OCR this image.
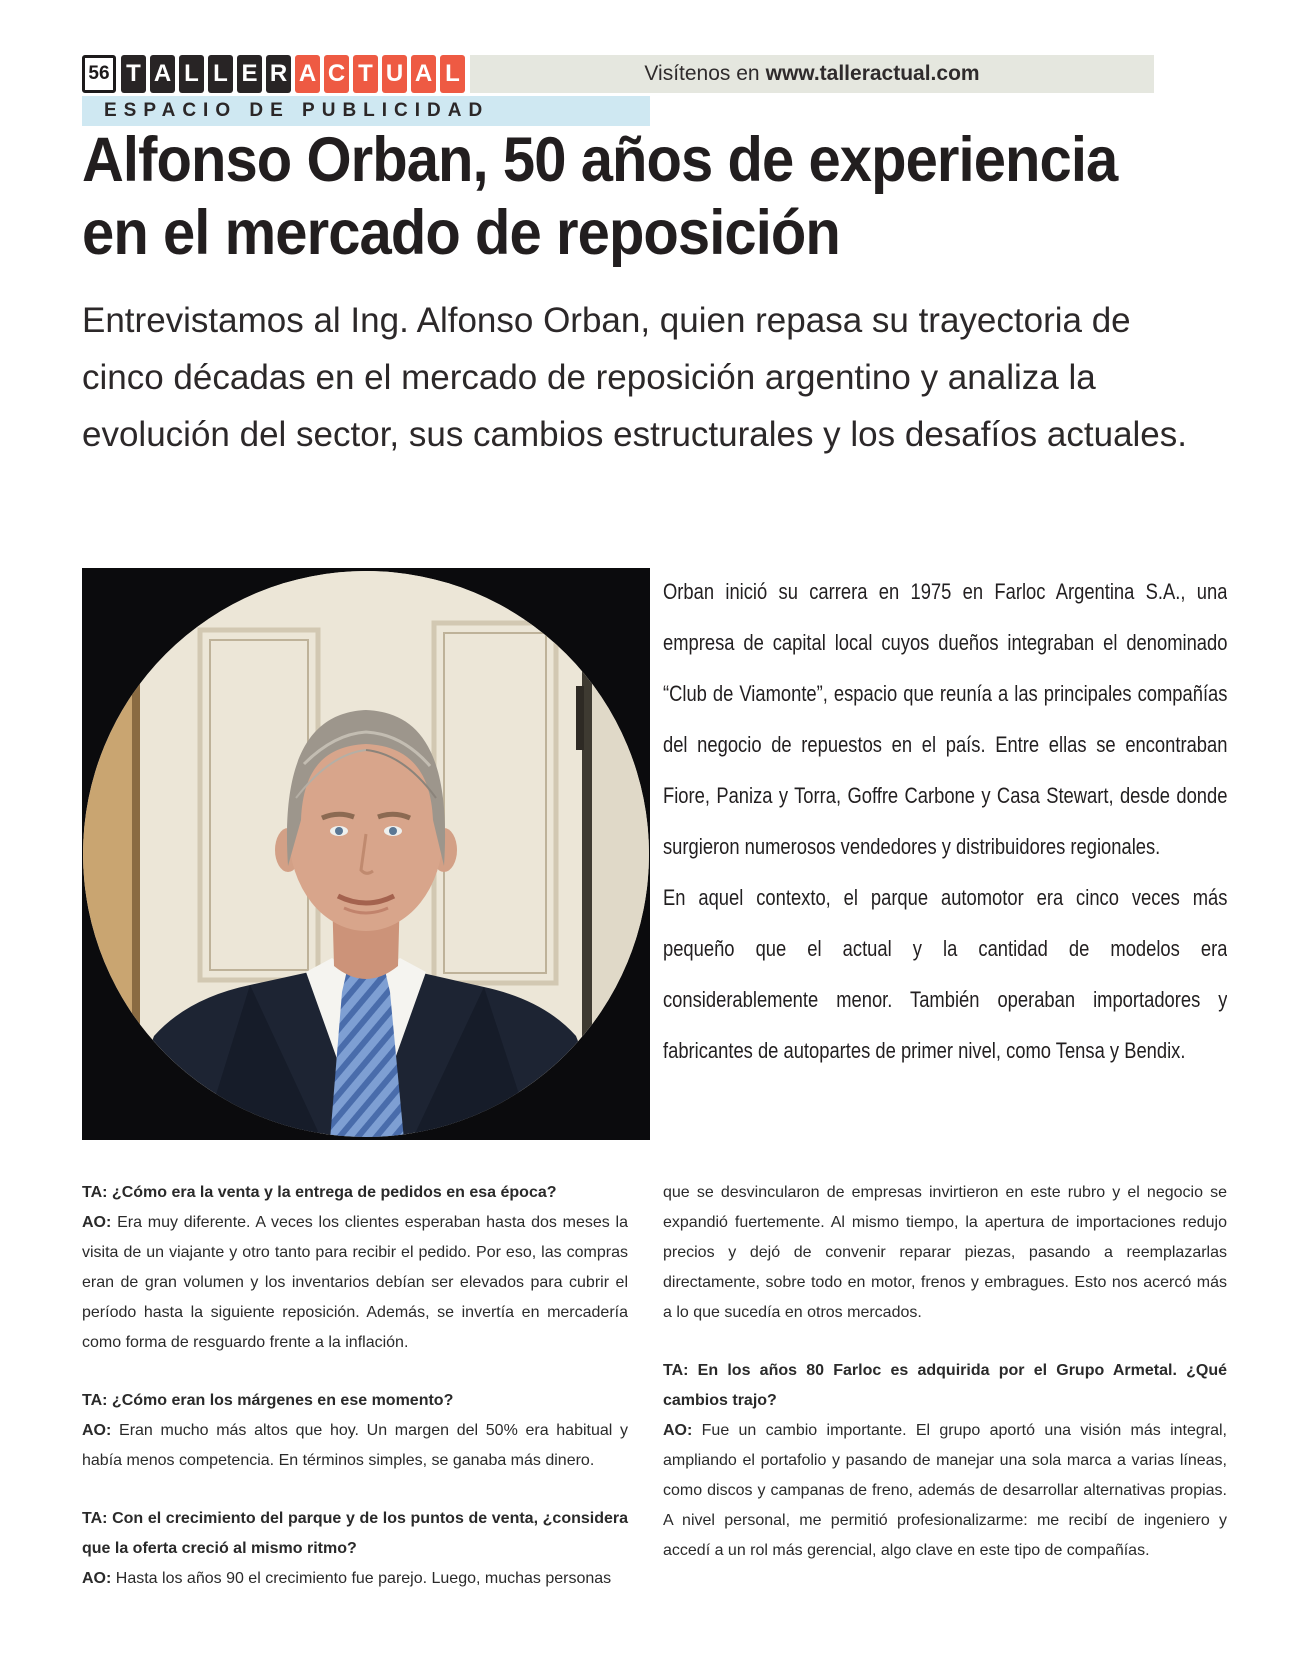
56 T A L L E R A C T U A L	Visítenos en www.talleractual.com
ESPACIO DE PUBLICIDAD
Alfonso Orban, 50 años de experiencia
en el mercado de reposición
Entrevistamos al Ing. Alfonso Orban, quien repasa su trayectoria de cinco décadas en el mercado de reposición argentino y analiza la evolución del sector, sus cambios estructurales y los desafíos actuales.

Orban inició su carrera en 1975 en Farloc Argentina S.A., una empresa de capital local cuyos dueños integraban el denominado “Club de Viamonte”, espacio que reunía a las principales compañías del negocio de repuestos en el país. Entre ellas se encontraban Fiore, Paniza y Torra, Goffre Carbone y Casa Stewart, desde donde surgieron numerosos vendedores y distribuidores regionales.

En aquel contexto, el parque automotor era cinco veces más pequeño que el actual y la cantidad de modelos era considerablemente menor. También operaban importadores y fabricantes de autopartes de primer nivel, como Tensa y Bendix.

TA: ¿Cómo era la venta y la entrega de pedidos en esa época?

AO: Era muy diferente. A veces los clientes esperaban hasta dos meses la visita de un viajante y otro tanto para recibir el pedido. Por eso, las compras eran de gran volumen y los inventarios debían ser elevados para cubrir el período hasta la siguiente reposición. Además, se invertía en mercadería como forma de resguardo frente a la inflación.

TA: ¿Cómo eran los márgenes en ese momento?

AO: Eran mucho más altos que hoy. Un margen del 50% era habitual y había menos competencia. En términos simples, se ganaba más dinero.

TA: Con el crecimiento del parque y de los puntos de venta, ¿considera que la oferta creció al mismo ritmo?

AO: Hasta los años 90 el crecimiento fue parejo. Luego, muchas personas

que se desvincularon de empresas invirtieron en este rubro y el negocio se expandió fuertemente. Al mismo tiempo, la apertura de importaciones redujo precios y dejó de convenir reparar piezas, pasando a reemplazarlas directamente, sobre todo en motor, frenos y embragues. Esto nos acercó más a lo que sucedía en otros mercados.

TA: En los años 80 Farloc es adquirida por el Grupo Armetal. ¿Qué cambios trajo?

AO: Fue un cambio importante. El grupo aportó una visión más integral, ampliando el portafolio y pasando de manejar una sola marca a varias líneas, como discos y campanas de freno, además de desarrollar alternativas propias. A nivel personal, me permitió profesionalizarme: me recibí de ingeniero y accedí a un rol más gerencial, algo clave en este tipo de compañías.
